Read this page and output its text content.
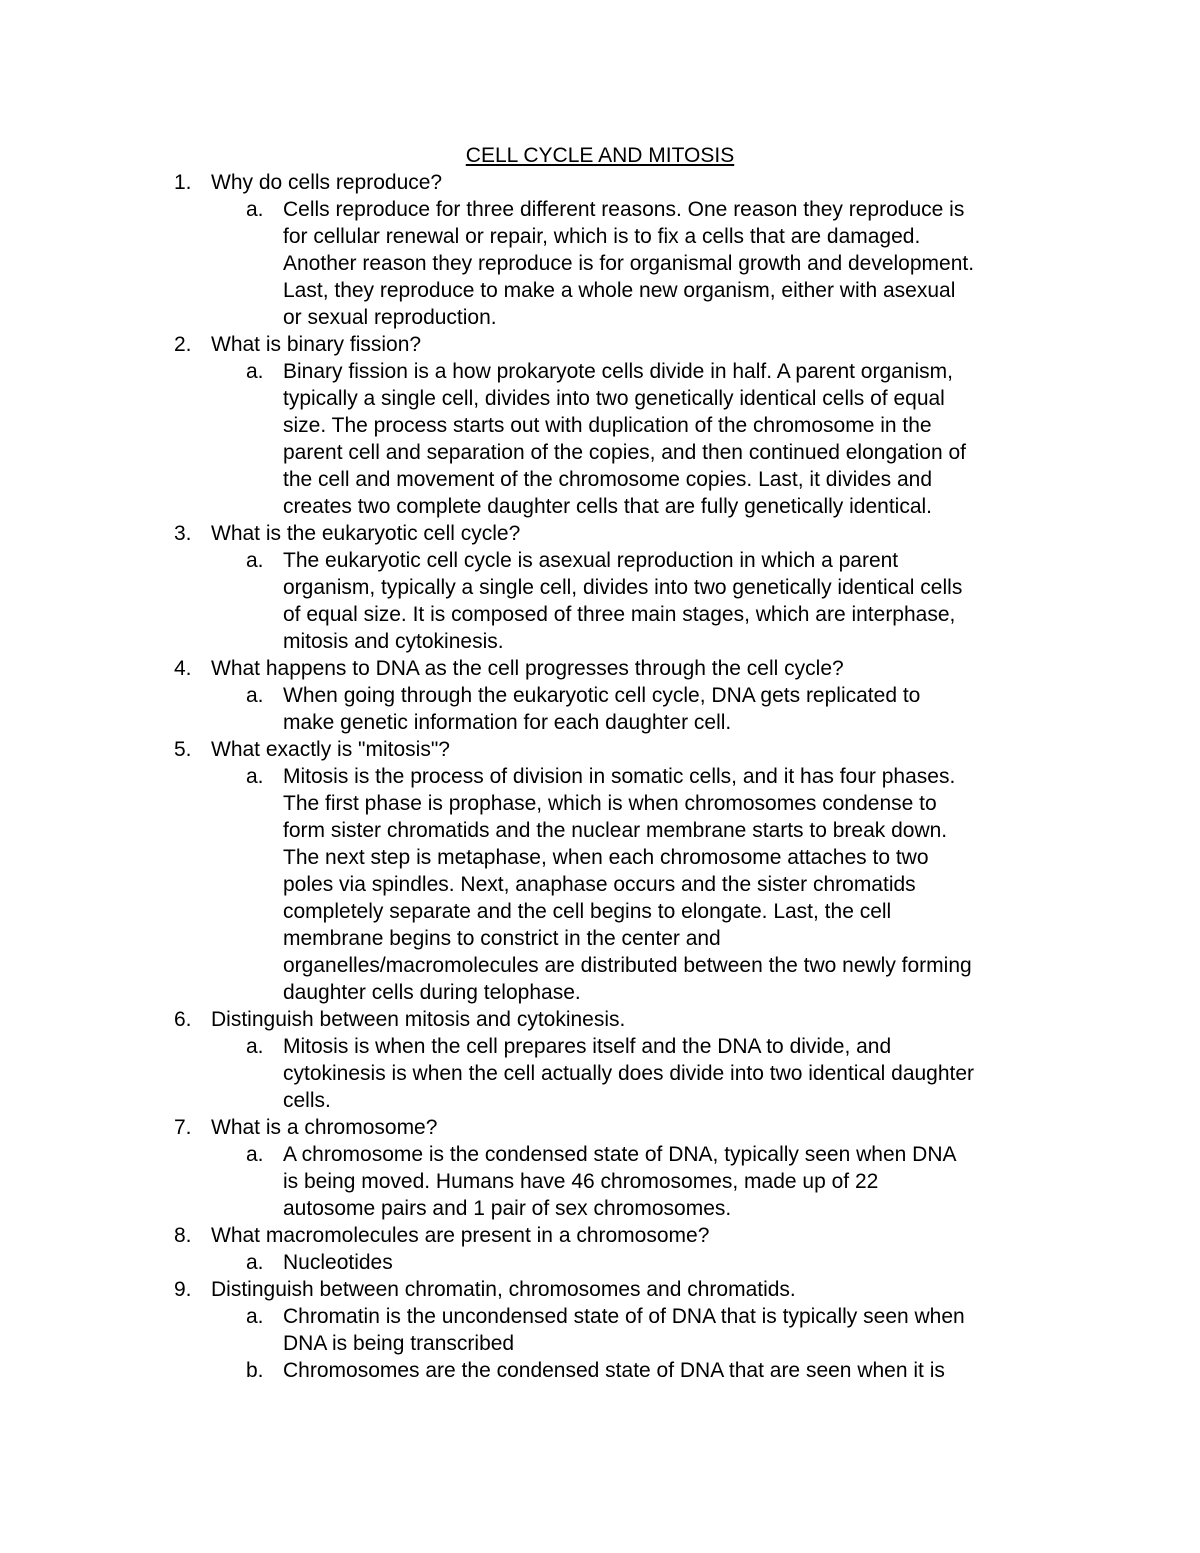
CELL CYCLE AND MITOSIS
1. Why do cells reproduce?
a. Cells reproduce for three different reasons. One reason they reproduce is
for cellular renewal or repair, which is to fix a cells that are damaged.
Another reason they reproduce is for organismal growth and development.
Last, they reproduce to make a whole new organism, either with asexual
or sexual reproduction.
2. What is binary fission?
a. Binary fission is a how prokaryote cells divide in half. A parent organism,
typically a single cell, divides into two genetically identical cells of equal
size. The process starts out with duplication of the chromosome in the
parent cell and separation of the copies, and then continued elongation of
the cell and movement of the chromosome copies. Last, it divides and
creates two complete daughter cells that are fully genetically identical.
3. What is the eukaryotic cell cycle?
a. The eukaryotic cell cycle is asexual reproduction in which a parent
organism, typically a single cell, divides into two genetically identical cells
of equal size. It is composed of three main stages, which are interphase,
mitosis and cytokinesis.
4. What happens to DNA as the cell progresses through the cell cycle?
a. When going through the eukaryotic cell cycle, DNA gets replicated to
make genetic information for each daughter cell.
5. What exactly is "mitosis"?
a. Mitosis is the process of division in somatic cells, and it has four phases.
The first phase is prophase, which is when chromosomes condense to
form sister chromatids and the nuclear membrane starts to break down.
The next step is metaphase, when each chromosome attaches to two
poles via spindles. Next, anaphase occurs and the sister chromatids
completely separate and the cell begins to elongate. Last, the cell
membrane begins to constrict in the center and
organelles/macromolecules are distributed between the two newly forming
daughter cells during telophase.
6. Distinguish between mitosis and cytokinesis.
a. Mitosis is when the cell prepares itself and the DNA to divide, and
cytokinesis is when the cell actually does divide into two identical daughter
cells.
7. What is a chromosome?
a. A chromosome is the condensed state of DNA, typically seen when DNA
is being moved. Humans have 46 chromosomes, made up of 22
autosome pairs and 1 pair of sex chromosomes.
8. What macromolecules are present in a chromosome?
a. Nucleotides
9. Distinguish between chromatin, chromosomes and chromatids.
a. Chromatin is the uncondensed state of of DNA that is typically seen when
DNA is being transcribed
b. Chromosomes are the condensed state of DNA that are seen when it is
